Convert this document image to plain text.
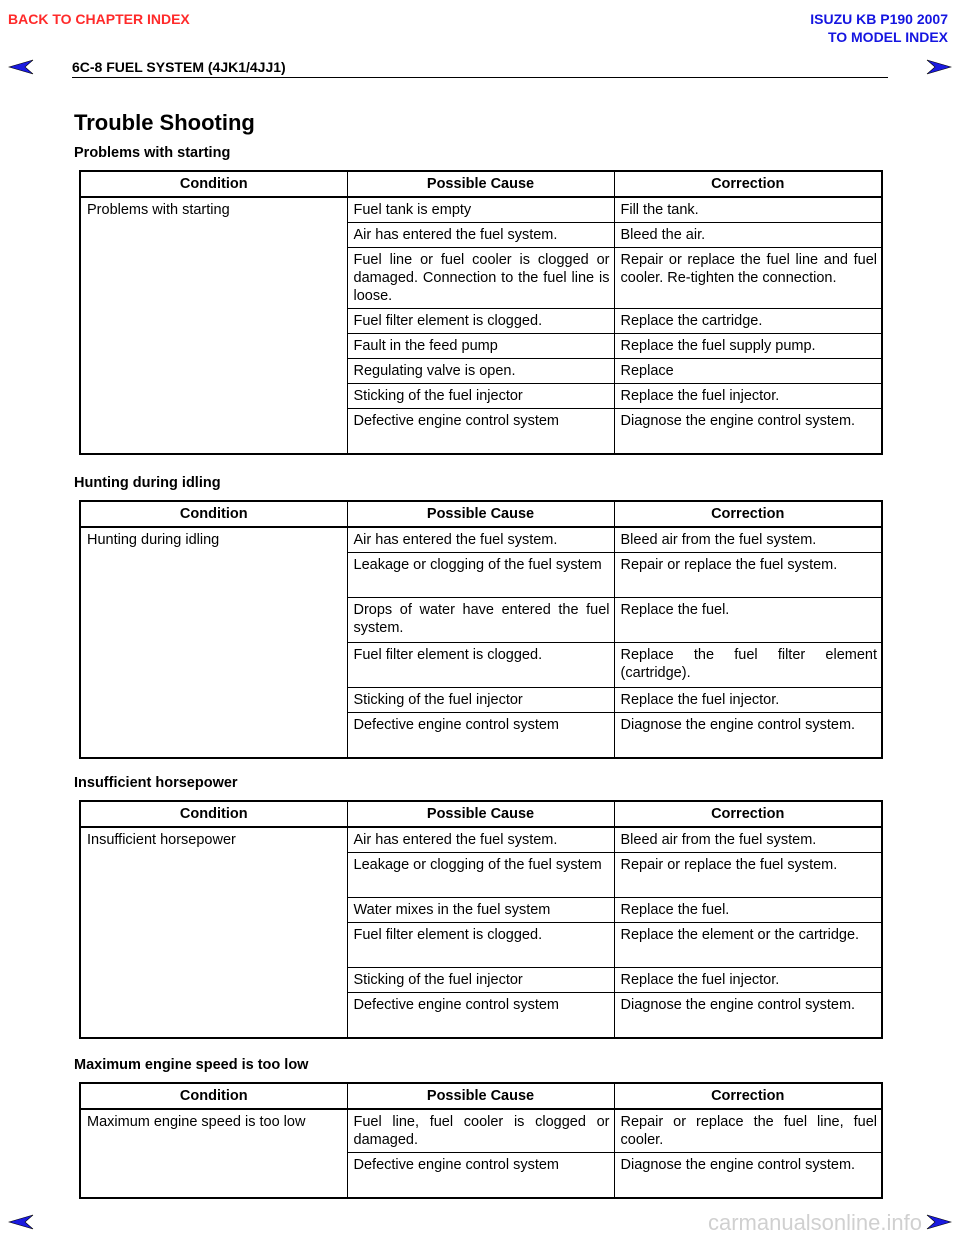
BACK TO CHAPTER INDEX	ISUZU KB P190 2007
TO MODEL INDEX
6C-8 FUEL SYSTEM (4JK1/4JJ1)
Trouble Shooting
Problems with starting
Condition	Possible Cause	Correction
Problems with starting	Fuel tank is empty	Fill the tank.
	Air has entered the fuel system.	Bleed the air.
	Fuel line or fuel cooler is clogged or damaged. Connection to the fuel line is loose.	Repair or replace the fuel line and fuel cooler. Re-tighten the connection.
	Fuel filter element is clogged.	Replace the cartridge.
	Fault in the feed pump	Replace the fuel supply pump.
	Regulating valve is open.	Replace
	Sticking of the fuel injector	Replace the fuel injector.
	Defective engine control system	Diagnose the engine control system.
Hunting during idling
Condition	Possible Cause	Correction
Hunting during idling	Air has entered the fuel system.	Bleed air from the fuel system.
	Leakage or clogging of the fuel system	Repair or replace the fuel system.
	Drops of water have entered the fuel system.	Replace the fuel.
	Fuel filter element is clogged.	Replace the fuel filter element (cartridge).
	Sticking of the fuel injector	Replace the fuel injector.
	Defective engine control system	Diagnose the engine control system.
Insufficient horsepower
Condition	Possible Cause	Correction
Insufficient horsepower	Air has entered the fuel system.	Bleed air from the fuel system.
	Leakage or clogging of the fuel system	Repair or replace the fuel system.
	Water mixes in the fuel system	Replace the fuel.
	Fuel filter element is clogged.	Replace the element or the cartridge.
	Sticking of the fuel injector	Replace the fuel injector.
	Defective engine control system	Diagnose the engine control system.
Maximum engine speed is too low
Condition	Possible Cause	Correction
Maximum engine speed is too low	Fuel line, fuel cooler is clogged or damaged.	Repair or replace the fuel line, fuel cooler.
	Defective engine control system	Diagnose the engine control system.
carmanualsonline.info
